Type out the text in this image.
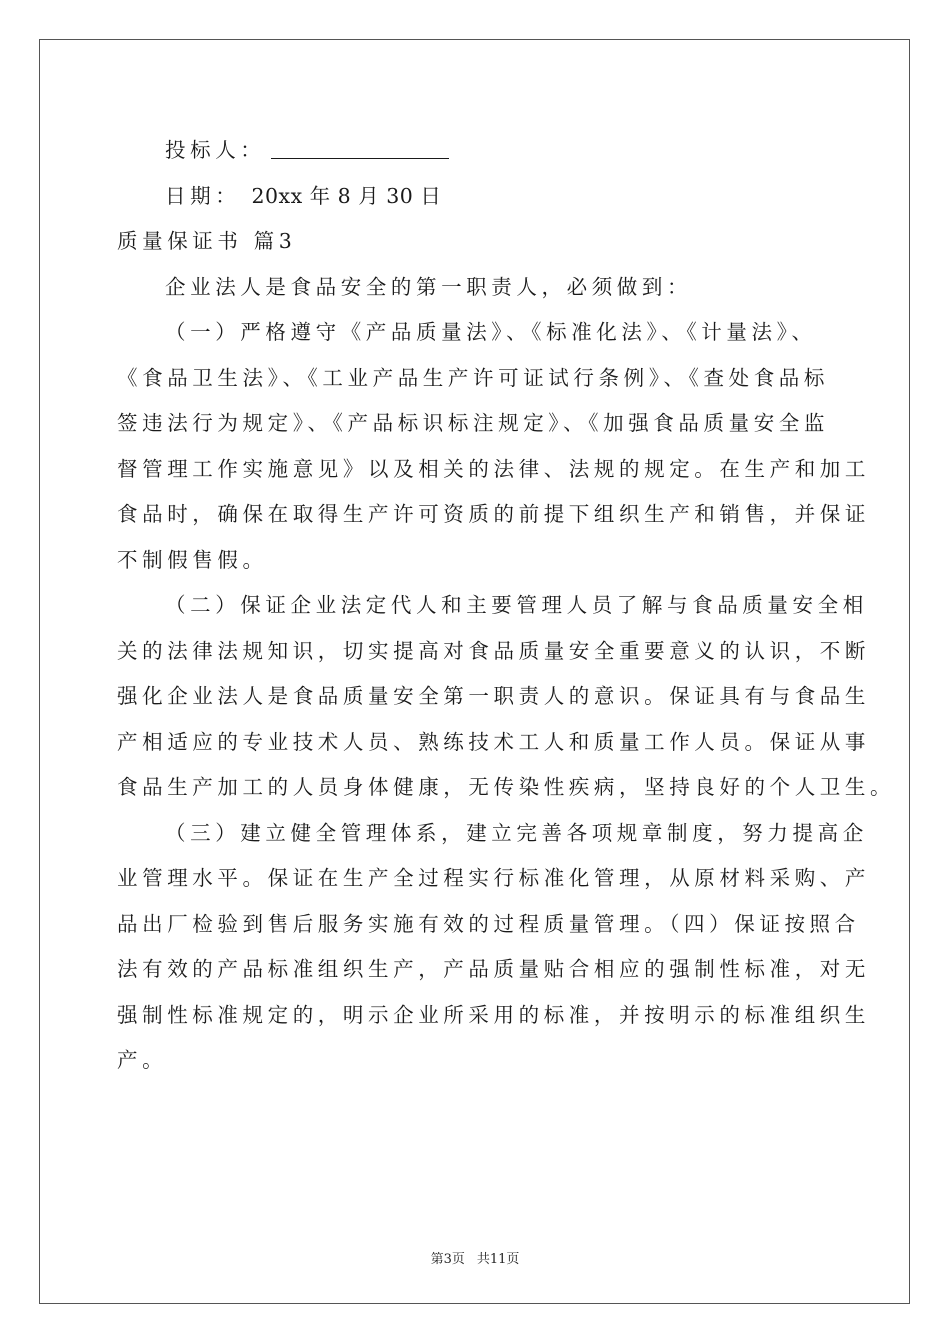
投标人：
日期： 20xx 年 8 月 30 日
质量保证书 篇3
企业法人是食品安全的第一职责人，必须做到：
（一）严格遵守《产品质量法》、《标准化法》、《计量法》、
《食品卫生法》、《工业产品生产许可证试行条例》、《查处食品标
签违法行为规定》、《产品标识标注规定》、《加强食品质量安全监
督管理工作实施意见》以及相关的法律、法规的规定。在生产和加工
食品时，确保在取得生产许可资质的前提下组织生产和销售，并保证
不制假售假。
（二）保证企业法定代人和主要管理人员了解与食品质量安全相
关的法律法规知识，切实提高对食品质量安全重要意义的认识，不断
强化企业法人是食品质量安全第一职责人的意识。保证具有与食品生
产相适应的专业技术人员、熟练技术工人和质量工作人员。保证从事
食品生产加工的人员身体健康，无传染性疾病，坚持良好的个人卫生。
（三）建立健全管理体系，建立完善各项规章制度，努力提高企
业管理水平。保证在生产全过程实行标准化管理，从原材料采购、产
品出厂检验到售后服务实施有效的过程质量管理。（四）保证按照合
法有效的产品标准组织生产，产品质量贴合相应的强制性标准，对无
强制性标准规定的，明示企业所采用的标准，并按明示的标准组织生
产。
第3页 共11页
